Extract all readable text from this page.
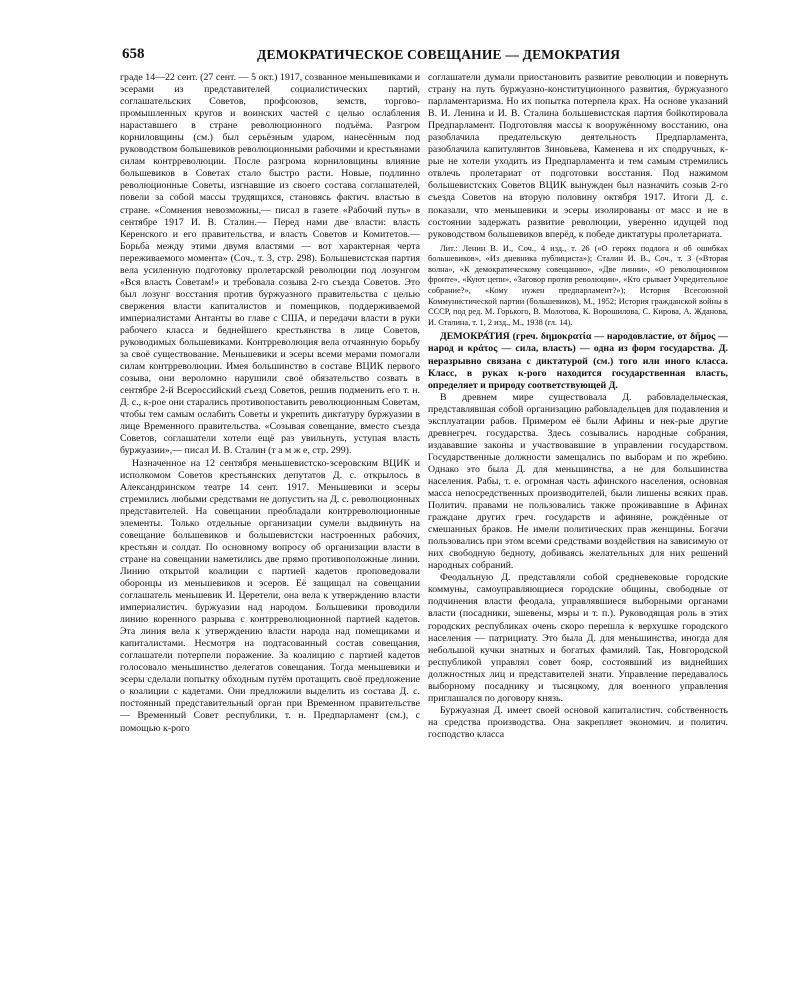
658	ДЕМОКРАТИЧЕСКОЕ СОВЕЩАНИЕ — ДЕМОКРАТИЯ

граде 14—22 сент. (27 сент. — 5 окт.) 1917, созванное меньшевиками и эсерами из представителей социалистических партий, соглашательских Советов, профсоюзов, земств, торгово-промышленных кругов и воинских частей с целью ослабления нараставшего в стране революционного подъёма. Разгром корниловщины (см.) был серьёзным ударом, нанесённым под руководством большевиков революционными рабочими и крестьянами силам контрреволюции. После разгрома корниловщины влияние большевиков в Советах стало быстро расти. Новые, подлинно революционные Советы, изгнавшие из своего состава соглашателей, повели за собой массы трудящихся, становясь фактич. властью в стране. «Сомнения невозможны,— писал в газете «Рабочий путь» в сентябре 1917 И. В. Сталин.— Перед нами две власти: власть Керенского и его правительства, и власть Советов и Комитетов.— Борьба между этими двумя властями — вот характерная черта переживаемого момента» (Соч., т. 3, стр. 298). Большевистская партия вела усиленную подготовку пролетарской революции под лозунгом «Вся власть Советам!» и требовала созыва 2-го съезда Советов. Это был лозунг восстания против буржуазного правительства с целью свержения власти капиталистов и помещиков, поддерживаемой империалистами Антанты во главе с США, и передачи власти в руки рабочего класса и беднейшего крестьянства в лице Советов, руководимых большевиками. Контрреволюция вела отчаянную борьбу за своё существование. Меньшевики и эсеры всеми мерами помогали силам контрреволюции. Имея большинство в составе ВЦИК первого созыва, они вероломно нарушили своё обязательство созвать в сентябре 2-й Всероссийский съезд Советов, решив подменить его т. н. Д. с., к-рое они старались противопоставить революционным Советам, чтобы тем самым ослабить Советы и укрепить диктатуру буржуазии в лице Временного правительства. «Созывая совещание, вместо съезда Советов, соглашатели хотели ещё раз увильнуть, уступая власть буржуазии»,— писал И. В. Сталин (т а м ж е, стр. 299).

Назначенное на 12 сентября меньшевистско-эсеровским ВЦИК и исполкомом Советов крестьянских депутатов Д. с. открылось в Александринском театре 14 сент. 1917. Меньшевики и эсеры стремились любыми средствами не допустить на Д. с. революционных представителей. На совещании преобладали контрреволюционные элементы. Только отдельные организации сумели выдвинуть на совещание большевиков и большевистски настроенных рабочих, крестьян и солдат. По основному вопросу об организации власти в стране на совещании наметились две прямо противоположные линии. Линию открытой коалиции с партией кадетов проповедовали оборонцы из меньшевиков и эсеров. Её защищал на совещании соглашатель меньшевик И. Церетели, она вела к утверждению власти империалистич. буржуазии над народом. Большевики проводили линию коренного разрыва с контрреволюционной партией кадетов. Эта линия вела к утверждению власти народа над помещиками и капиталистами. Несмотря на подтасованный состав совещания, соглашатели потерпели поражение. За коалицию с партией кадетов голосовало меньшинство делегатов совещания. Тогда меньшевики и эсеры сделали попытку обходным путём протащить своё предложение о коалиции с кадетами. Они предложили выделить из состава Д. с. постоянный представительный орган при Временном правительстве — Временный Совет республики, т. н. Предпарламент (см.), с помощью к-рого

соглашатели думали приостановить развитие революции и повернуть страну на путь буржуазно-конституционного развития, буржуазного парламентаризма. Но их попытка потерпела крах. На основе указаний В. И. Ленина и И. В. Сталина большевистская партия бойкотировала Предпарламент. Подготовляя массы к вооружённому восстанию, она разоблачила предательскую деятельность Предпарламента, разоблачила капитулянтов Зиновьева, Каменева и их сподручных, к-рые не хотели уходить из Предпарламента и тем самым стремились отвлечь пролетариат от подготовки восстания. Под нажимом большевистских Советов ВЦИК вынужден был назначить созыв 2-го съезда Советов на вторую половину октября 1917. Итоги Д. с. показали, что меньшевики и эсеры изолированы от масс и не в состоянии задержать развитие революции, уверенно идущей под руководством большевиков вперёд, к победе диктатуры пролетариата.

Лит.: Ленин В. И., Соч., 4 изд., т. 26 («О героях подлога и об ошибках большевиков», «Из дневника публициста»); Сталин И. В., Соч., т. 3 («Вторая волна», «К демократическому совещанию», «Две линии», «О революционном фронте», «Куют цепи», «Заговор против революции», «Кто срывает Учредительное собрание?», «Кому нужен предпарламент?»); История Всесоюзной Коммунистической партии (большевиков), М., 1952; История гражданской войны в СССР, под ред. М. Горького, В. Молотова, К. Ворошилова, С. Кирова, А. Жданова, И. Сталина, т. 1, 2 изд., М., 1938 (гл. 14).

ДЕМОКРА́ТИЯ (греч. δημοκρατία — народовластие, от δῆμος — народ и κράτος — сила, власть) — одна из форм государства. Д. неразрывно связана с диктатурой (см.) того или иного класса. Класс, в руках к-рого находится государственная власть, определяет и природу соответствующей Д.

В древнем мире существовала Д. рабовладельческая, представлявшая собой организацию рабовладельцев для подавления и эксплуатации рабов. Примером её были Афины и нек-рые другие древнегреч. государства. Здесь созывались народные собрания, издававшие законы и участвовавшие в управлении государством. Государственные должности замещались по выборам и по жребию. Однако это была Д. для меньшинства, а не для большинства населения. Рабы, т. е. огромная часть афинского населения, основная масса непосредственных производителей, были лишены всяких прав. Политич. правами не пользовались также проживавшие в Афинах граждане других греч. государств и афиняне, рождённые от смешанных браков. Не имели политических прав женщины. Богачи пользовались при этом всеми средствами воздействия на зависимую от них свободную бедноту, добиваясь желательных для них решений народных собраний.

Феодальную Д. представляли собой средневековые городские коммуны, самоуправляющиеся городские общины, свободные от подчинения власти феодала, управлявшиеся выборными органами власти (посадники, эшевены, мэры и т. п.). Руководящая роль в этих городских республиках очень скоро перешла к верхушке городского населения — патрициату. Это была Д. для меньшинства, иногда для небольшой кучки знатных и богатых фамилий. Так, Новгородской республикой управлял совет бояр, состоявший из виднейших должностных лиц и представителей знати. Управление передавалось выборному посаднику и тысяцкому, для военного управления приглашался по договору князь.

Буржуазная Д. имеет своей основой капиталистич. собственность на средства производства. Она закрепляет экономич. и политич. господство класса
